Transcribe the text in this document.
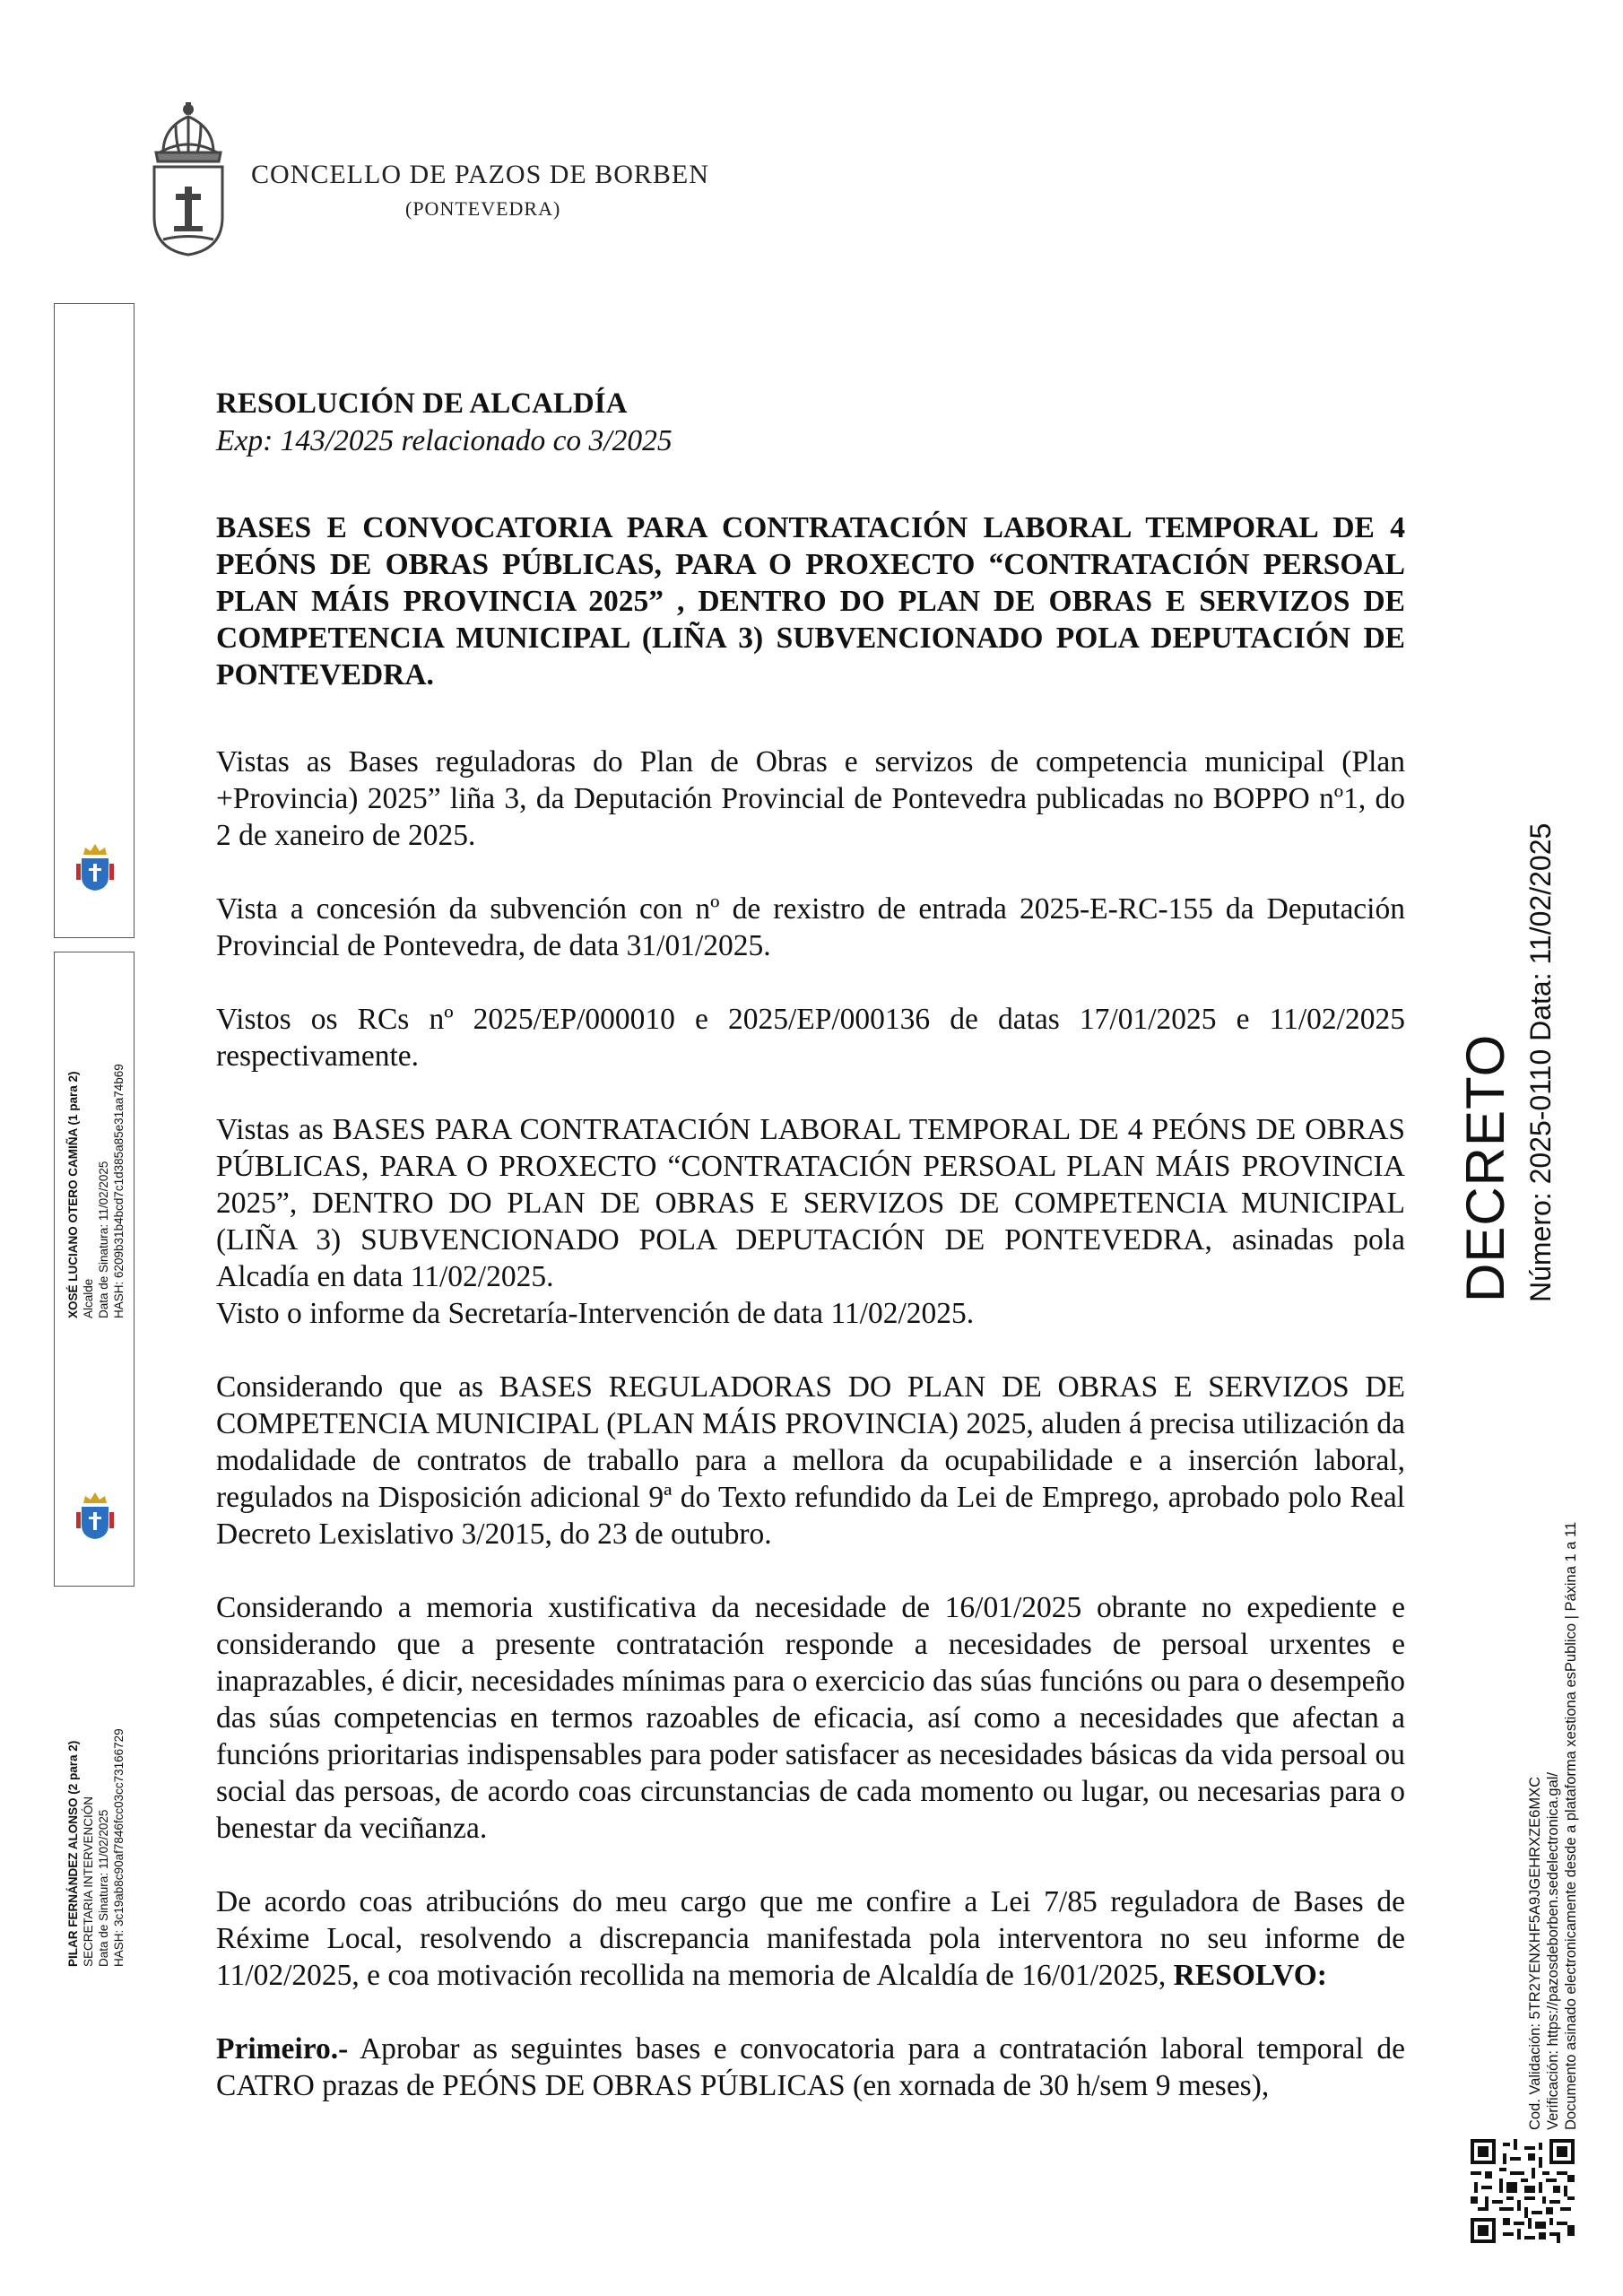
CONCELLO DE PAZOS DE BORBEN
(PONTEVEDRA)
XOSÉ LUCIANO OTERO CAMIÑA (1 para 2) Alcalde Data de Sinatura: 11/02/2025 HASH: 6209b31b4bcd7c1d385a85e31aa74b69
PILAR FERNÁNDEZ ALONSO (2 para 2) SECRETARIA INTERVENCIÓN Data de Sinatura: 11/02/2025 HASH: 3c19ab8c90af7846fcc03cc73166729

RESOLUCIÓN DE ALCALDÍA

Exp: 143/2025 relacionado co 3/2025

BASES E CONVOCATORIA PARA CONTRATACIÓN LABORAL TEMPORAL DE 4 PEÓNS DE OBRAS PÚBLICAS, PARA O PROXECTO “CONTRATACIÓN PERSOAL PLAN MÁIS PROVINCIA 2025” , DENTRO DO PLAN DE OBRAS E SERVIZOS DE COMPETENCIA MUNICIPAL (LIÑA 3) SUBVENCIONADO POLA DEPUTACIÓN DE PONTEVEDRA.

Vistas as Bases reguladoras do Plan de Obras e servizos de competencia municipal (Plan +Provincia) 2025” liña 3, da Deputación Provincial de Pontevedra publicadas no BOPPO nº1, do 2 de xaneiro de 2025.

Vista a concesión da subvención con nº de rexistro de entrada 2025-E-RC-155 da Deputación Provincial de Pontevedra, de data 31/01/2025.

Vistos os RCs nº 2025/EP/000010 e 2025/EP/000136 de datas 17/01/2025 e 11/02/2025 respectivamente.

Vistas as BASES PARA CONTRATACIÓN LABORAL TEMPORAL DE 4 PEÓNS DE OBRAS PÚBLICAS, PARA O PROXECTO “CONTRATACIÓN PERSOAL PLAN MÁIS PROVINCIA 2025”, DENTRO DO PLAN DE OBRAS E SERVIZOS DE COMPETENCIA MUNICIPAL (LIÑA 3) SUBVENCIONADO POLA DEPUTACIÓN DE PONTEVEDRA, asinadas pola Alcadía en data 11/02/2025.

Visto o informe da Secretaría-Intervención de data 11/02/2025.

Considerando que as BASES REGULADORAS DO PLAN DE OBRAS E SERVIZOS DE COMPETENCIA MUNICIPAL (PLAN MÁIS PROVINCIA) 2025, aluden á precisa utilización da modalidade de contratos de traballo para a mellora da ocupabilidade e a inserción laboral, regulados na Disposición adicional 9ª do Texto refundido da Lei de Emprego, aprobado polo Real Decreto Lexislativo 3/2015, do 23 de outubro.

Considerando a memoria xustificativa da necesidade de 16/01/2025 obrante no expediente e considerando que a presente contratación responde a necesidades de persoal urxentes e inaprazables, é dicir, necesidades mínimas para o exercicio das súas funcións ou para o desempeño das súas competencias en termos razoables de eficacia, así como a necesidades que afectan a funcións prioritarias indispensables para poder satisfacer as necesidades básicas da vida persoal ou social das persoas, de acordo coas circunstancias de cada momento ou lugar, ou necesarias para o benestar da veciñanza.

De acordo coas atribucións do meu cargo que me confire a Lei 7/85 reguladora de Bases de Réxime Local, resolvendo a discrepancia manifestada pola interventora no seu informe de 11/02/2025, e coa motivación recollida na memoria de Alcaldía de 16/01/2025, RESOLVO:

Primeiro.- Aprobar as seguintes bases e convocatoria para a contratación laboral temporal de CATRO prazas de PEÓNS DE OBRAS PÚBLICAS (en xornada de 30 h/sem 9 meses),

DECRETO Número: 2025-0110 Data: 11/02/2025
Cod. Validación: 5TR2YENXHF5A9JGEHRXZE6MXC Verificación: https://pazosdeborben.sedelectronica.gal/ Documento asinado electronicamente desde a plataforma xestiona esPublico | Páxina 1 a 11
